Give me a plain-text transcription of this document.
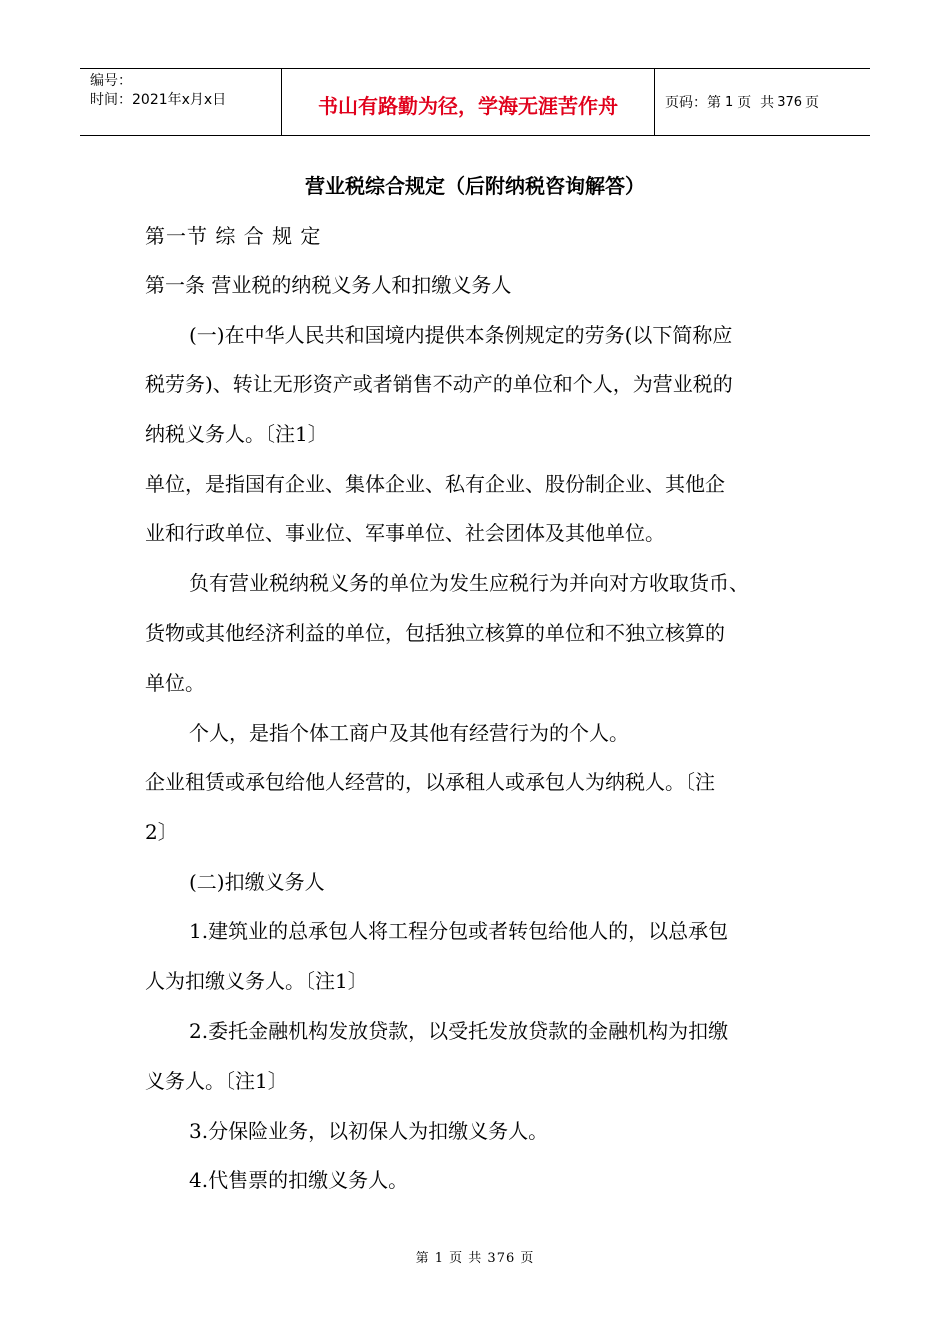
编号：
时间：2021年x月x日	书山有路勤为径，学海无涯苦作舟	页码：第 1 页  共 376 页
营业税综合规定（后附纳税咨询解答）
第一节 综 合 规 定
第一条 营业税的纳税义务人和扣缴义务人
(一)在中华人民共和国境内提供本条例规定的劳务(以下简称应
税劳务)、转让无形资产或者销售不动产的单位和个人，为营业税的
纳税义务人。〔注1〕
单位，是指国有企业、集体企业、私有企业、股份制企业、其他企
业和行政单位、事业位、军事单位、社会团体及其他单位。
负有营业税纳税义务的单位为发生应税行为并向对方收取货币、
货物或其他经济利益的单位，包括独立核算的单位和不独立核算的
单位。
个人，是指个体工商户及其他有经营行为的个人。
企业租赁或承包给他人经营的，以承租人或承包人为纳税人。〔注
2〕
(二)扣缴义务人
1.建筑业的总承包人将工程分包或者转包给他人的，以总承包
人为扣缴义务人。〔注1〕
2.委托金融机构发放贷款，以受托发放贷款的金融机构为扣缴
义务人。〔注1〕
3.分保险业务，以初保人为扣缴义务人。
4.代售票的扣缴义务人。
第 1 页 共 376 页
